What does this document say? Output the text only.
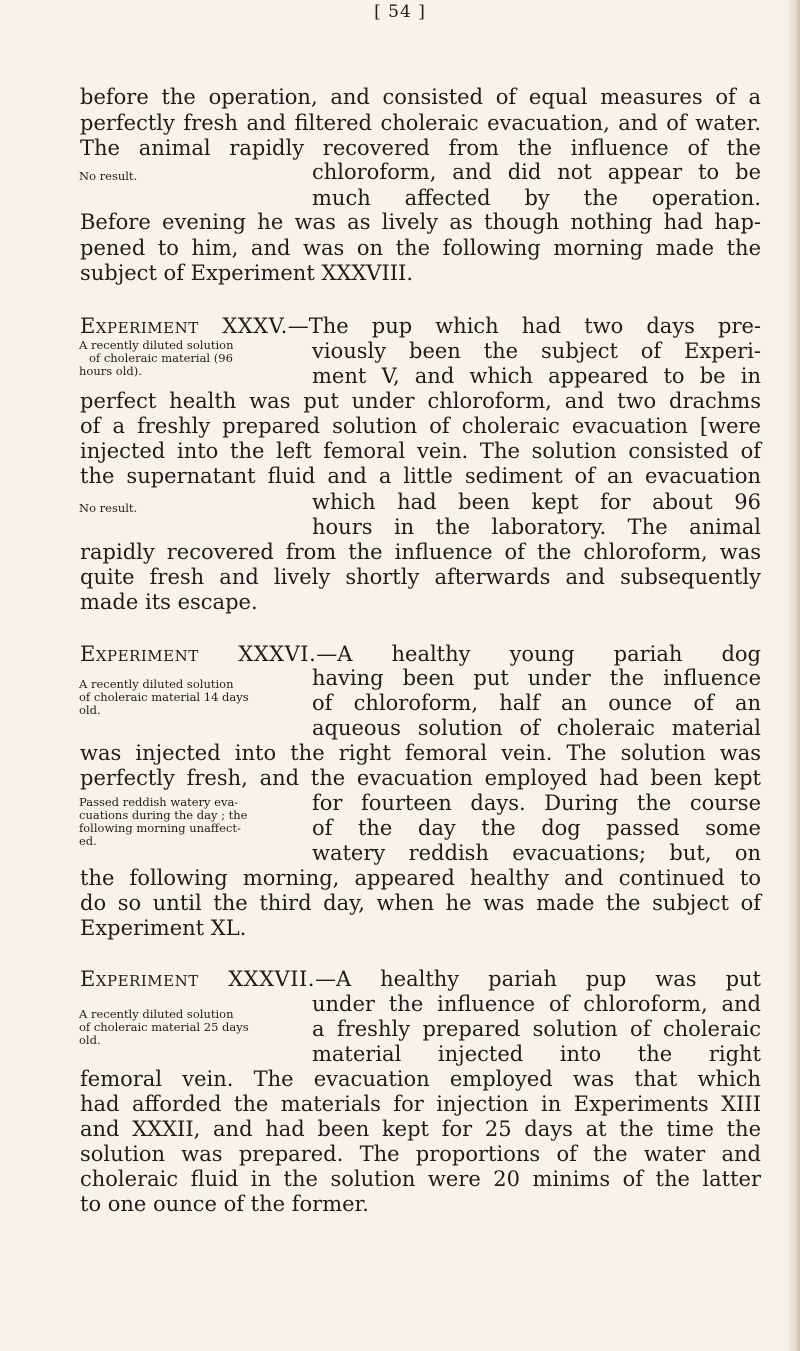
[ 54 ]
before the operation, and consisted of equal measures of a
perfectly fresh and filtered choleraic evacuation, and of water.
The animal rapidly recovered from the influence of the
chloroform, and did not appear to be
much affected by the operation.
Before evening he was as lively as though nothing had hap-
pened to him, and was on the following morning made the
subject of Experiment XXXVIII.
No result.
Experiment XXXV.—The pup which had two days pre-
viously been the subject of Experi-
ment V, and which appeared to be in
perfect health was put under chloroform, and two drachms
of a freshly prepared solution of choleraic evacuation [were
injected into the left femoral vein. The solution consisted of
the supernatant fluid and a little sediment of an evacuation
which had been kept for about 96
hours in the laboratory. The animal
rapidly recovered from the influence of the chloroform, was
quite fresh and lively shortly afterwards and subsequently
made its escape.
A recently diluted solution
of choleraic material (96
hours old).
No result.
Experiment XXXVI.—A healthy young pariah dog
having been put under the influence
of chloroform, half an ounce of an
aqueous solution of choleraic material
was injected into the right femoral vein. The solution was
perfectly fresh, and the evacuation employed had been kept
for fourteen days. During the course
of the day the dog passed some
watery reddish evacuations; but, on
the following morning, appeared healthy and continued to
do so until the third day, when he was made the subject of
Experiment XL.
A recently diluted solution
of choleraic material 14 days
old.
Passed reddish watery eva-
cuations during the day ; the
following morning unaffect-
ed.
Experiment XXXVII.—A healthy pariah pup was put
under the influence of chloroform, and
a freshly prepared solution of choleraic
material injected into the right
femoral vein. The evacuation employed was that which
had afforded the materials for injection in Experiments XIII
and XXXII, and had been kept for 25 days at the time the
solution was prepared. The proportions of the water and
choleraic fluid in the solution were 20 minims of the latter
to one ounce of the former.
A recently diluted solution
of choleraic material 25 days
old.
